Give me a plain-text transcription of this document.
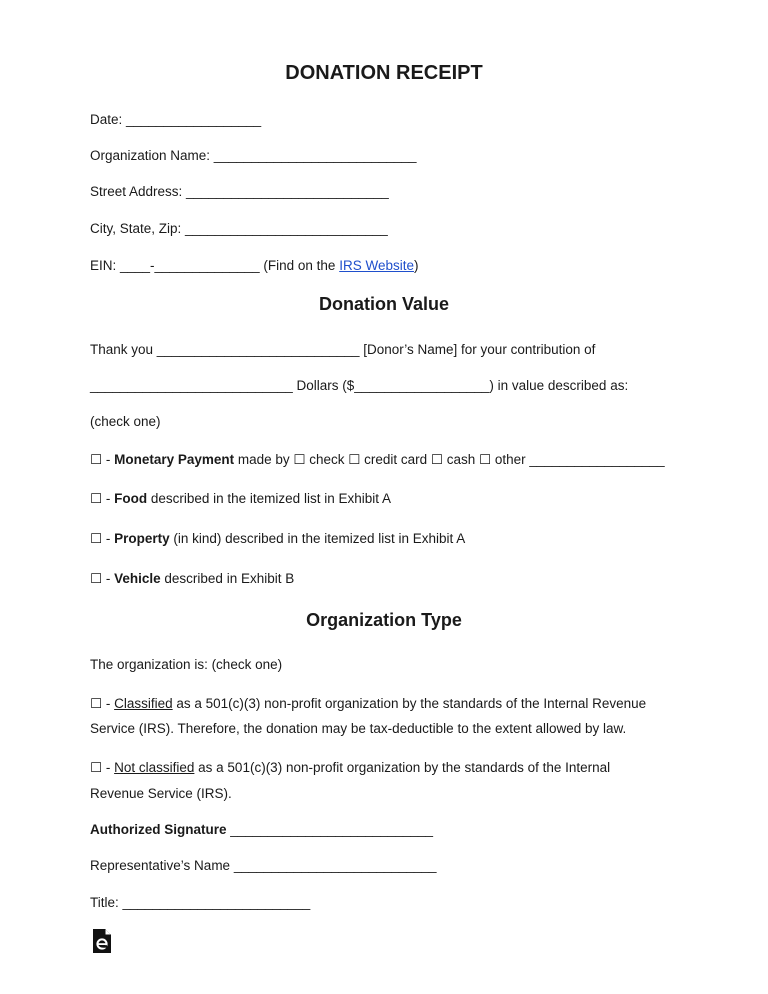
DONATION RECEIPT
Date: __________________
Organization Name: ___________________________
Street Address: ___________________________
City, State, Zip: ___________________________
EIN: ____-______________ (Find on the IRS Website)
Donation Value
Thank you ___________________________ [Donor’s Name] for your contribution of
___________________________ Dollars ($__________________) in value described as:
(check one)
☐ - Monetary Payment made by ☐ check ☐ credit card ☐ cash ☐ other __________________
☐ - Food described in the itemized list in Exhibit A
☐ - Property (in kind) described in the itemized list in Exhibit A
☐ - Vehicle described in Exhibit B
Organization Type
The organization is: (check one)
☐ - Classified as a 501(c)(3) non-profit organization by the standards of the Internal Revenue
Service (IRS). Therefore, the donation may be tax-deductible to the extent allowed by law.
☐ - Not classified as a 501(c)(3) non-profit organization by the standards of the Internal
Revenue Service (IRS).
Authorized Signature ___________________________
Representative’s Name ___________________________
Title: _________________________
